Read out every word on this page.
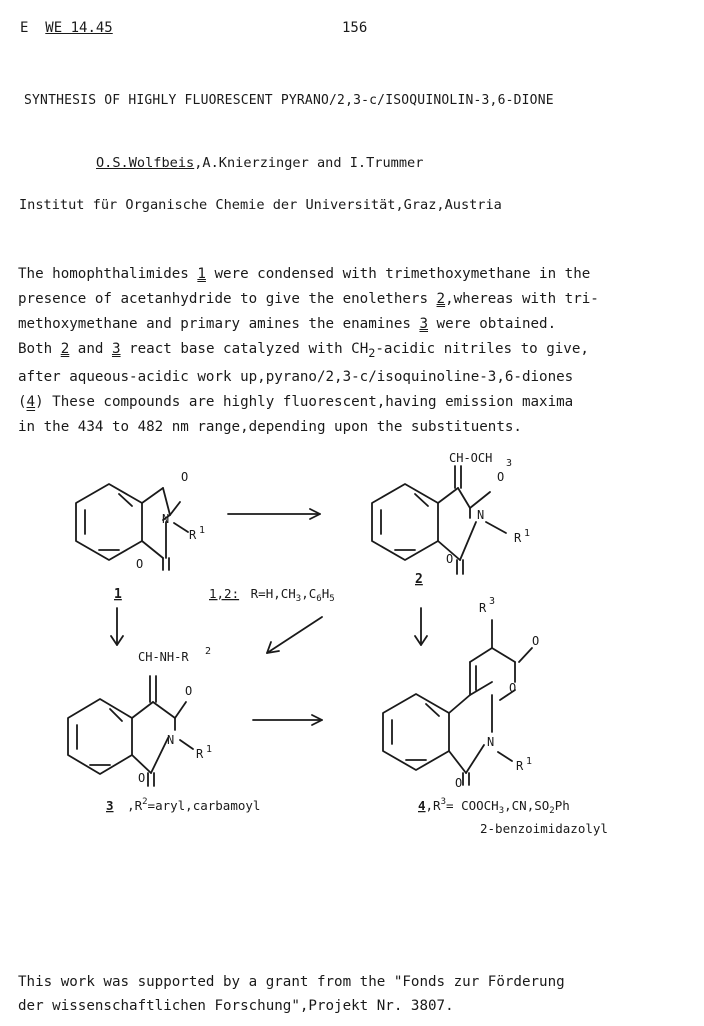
E WE 14.45	156
SYNTHESIS OF HIGHLY FLUORESCENT PYRANO/2,3-c/ISOQUINOLIN-3,6-DIONE
O.S.Wolfbeis,A.Knierzinger and I.Trummer
Institut für Organische Chemie der Universität,Graz,Austria
The homophthalimides 1 were condensed with trimethoxymethane in the
presence of acetanhydride to give the enolethers 2,whereas with tri-
methoxymethane and primary amines the enamines 3 were obtained.
Both 2 and 3 react base catalyzed with $CH_2$-acidic nitriles to give,
after aqueous-acidic work up,pyrano/2,3-c/isoquinoline-3,6-diones
(4) These compounds are highly fluorescent,having emission maxima
in the 434 to 482 nm range,depending upon the substituents.
O
N
R 1
O
CH-OCH 3
O
N
R 1
O
CH-NH-R 2
O
N
R 1
O
R 3
O
O
N
R 1
O
1
2
1,2: $R=H,CH_3,C_6H_5$
3 $,R^2=aryl,carbamoyl$	$4,R^3=$ $COOCH_3,CN,SO_2Ph$
2-benzoimidazolyl
This work was supported by a grant from the "Fonds zur Förderung
der wissenschaftlichen Forschung",Projekt Nr. 3807.
